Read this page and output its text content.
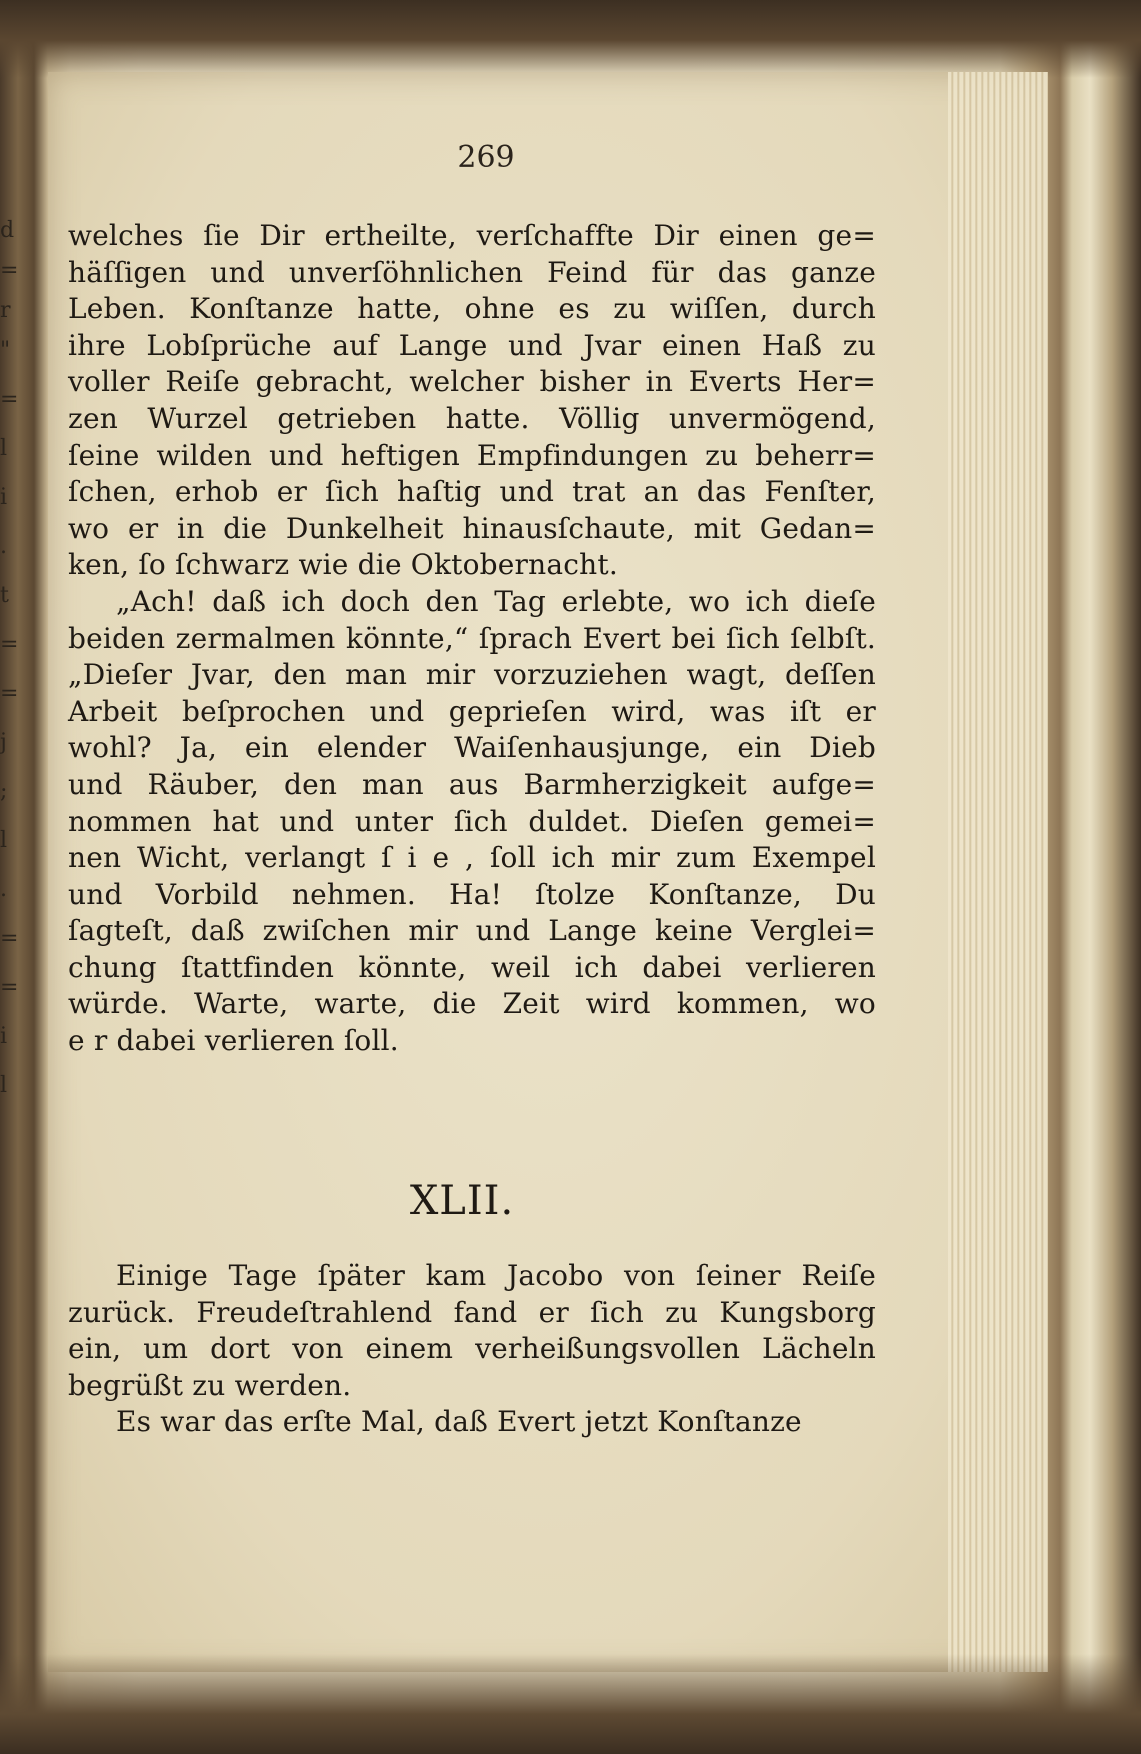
d
=
r
"
=
l
i
.
t
=
=
j
;
l
.
=
=
i
l
269
welches ſie Dir ertheilte, verſchaffte Dir einen ge=
häſſigen und unverſöhnlichen Feind für das ganze
Leben. Konſtanze hatte, ohne es zu wiſſen, durch
ihre Lobſprüche auf Lange und Jvar einen Haß zu
voller Reiſe gebracht, welcher bisher in Everts Her=
zen Wurzel getrieben hatte. Völlig unvermögend,
ſeine wilden und heftigen Empfindungen zu beherr=
ſchen, erhob er ſich haſtig und trat an das Fenſter,
wo er in die Dunkelheit hinausſchaute, mit Gedan=
ken, ſo ſchwarz wie die Oktobernacht.
„Ach! daß ich doch den Tag erlebte, wo ich dieſe
beiden zermalmen könnte,“ ſprach Evert bei ſich ſelbſt.
„Dieſer Jvar, den man mir vorzuziehen wagt, deſſen
Arbeit beſprochen und geprieſen wird, was iſt er
wohl? Ja, ein elender Waiſenhausjunge, ein Dieb
und Räuber, den man aus Barmherzigkeit aufge=
nommen hat und unter ſich duldet. Dieſen gemei=
nen Wicht, verlangt ſ i e , ſoll ich mir zum Exempel
und Vorbild nehmen. Ha! ſtolze Konſtanze, Du
ſagteſt, daß zwiſchen mir und Lange keine Verglei=
chung ſtattfinden könnte, weil ich dabei verlieren
würde. Warte, warte, die Zeit wird kommen, wo
e r dabei verlieren ſoll.
XLII.
Einige Tage ſpäter kam Jacobo von ſeiner Reiſe
zurück. Freudeſtrahlend fand er ſich zu Kungsborg
ein, um dort von einem verheißungsvollen Lächeln
begrüßt zu werden.
Es war das erſte Mal, daß Evert jetzt Konſtanze
